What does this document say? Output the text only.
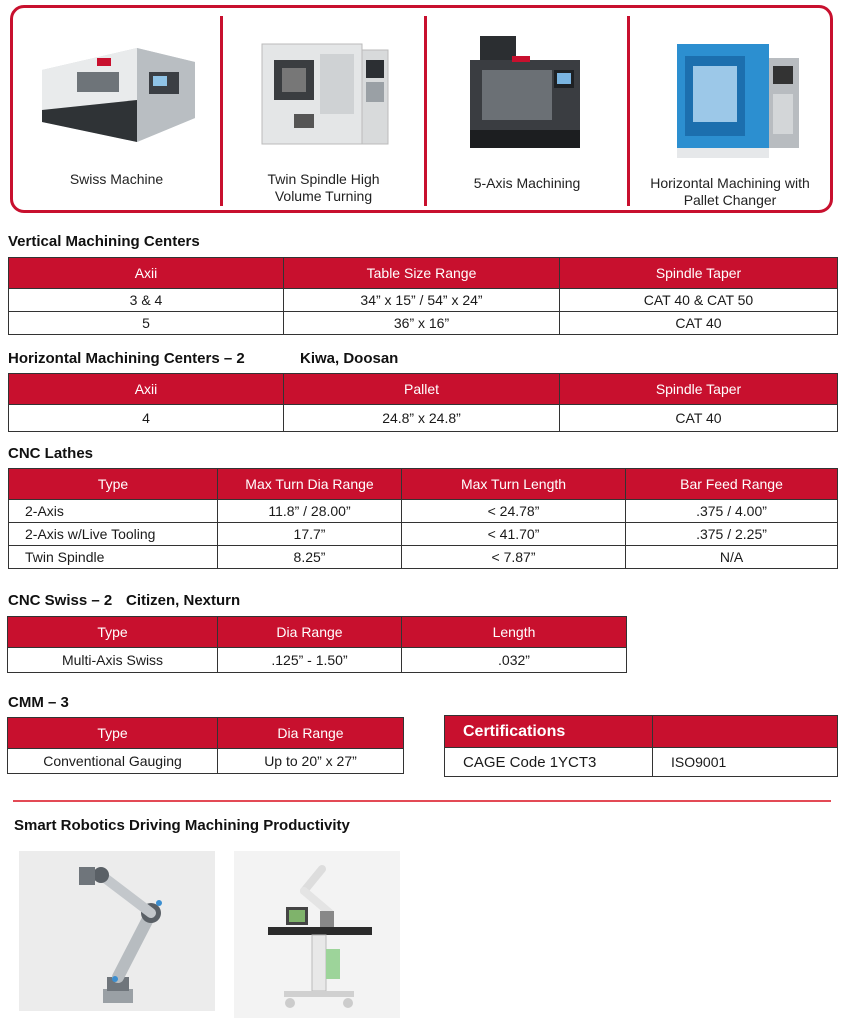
Swiss Machine	Twin Spindle High Volume Turning
5-Axis Machining	Horizontal Machining with Pallet Changer
Vertical Machining Centers
Axii	Table Size Range	Spindle Taper
3 & 4	34” x 15” / 54” x 24”	CAT 40 & CAT 50
5	36” x 16”	CAT 40
Horizontal Machining Centers – 2	Kiwa, Doosan
Axii	Pallet	Spindle Taper
4	24.8” x 24.8”	CAT 40
CNC Lathes
Type	Max Turn Dia Range	Max Turn Length	Bar Feed Range
2-Axis	11.8” / 28.00”	< 24.78”	.375 / 4.00”
2-Axis w/Live Tooling	17.7”	< 41.70”	.375 / 2.25”
Twin Spindle	8.25”	< 7.87”	N/A
CNC Swiss – 2 Citizen, Nexturn
Type	Dia Range	Length
Multi-Axis Swiss	.125” - 1.50”	.032”
CMM – 3
Type	Dia Range
Conventional Gauging	Up to 20” x 27”
Certifications	
CAGE Code 1YCT3	ISO9001
Smart Robotics Driving Machining Productivity
